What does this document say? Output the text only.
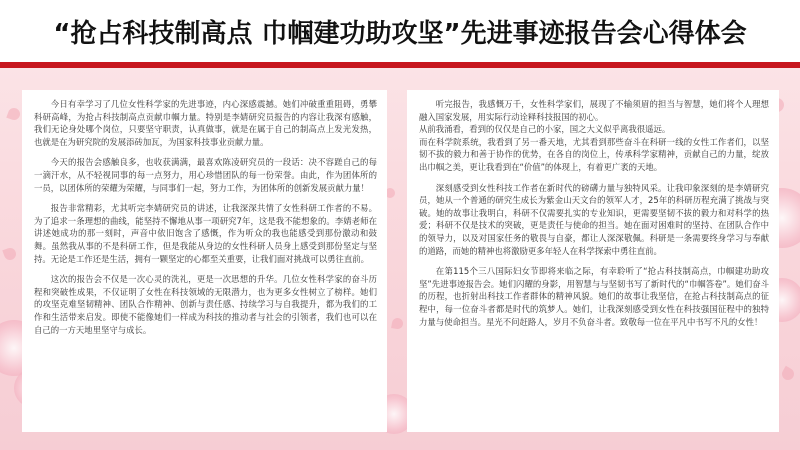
“抢占科技制高点 巾帼建功助攻坚”先进事迹报告会心得体会

今日有幸学习了几位女性科学家的先进事迹，内心深感震撼。她们冲破重重阻碍，勇攀科研高峰，为抢占科技制高点贡献巾帼力量。特别是李婧研究员报告的内容让我深有感触，我们无论身处哪个岗位，只要坚守职责，认真做事，就是在属于自己的制高点上发光发热，也就是在为研究院的发展添砖加瓦，为国家科技事业贡献力量。

今天的报告会感触良多，也收获满满，最喜欢陈凌研究员的一段话：决不容蹉自己的每一滴汗水，从不轻视同事的每一点努力，用心珍惜团队的每一份荣誉。由此，作为团体所的一员，以团体所的荣耀为荣耀，与同事们一起，努力工作，为团体所的创新发展贡献力量！

报告非常精彩，尤其听完李婧研究员的讲述，让我深深共情了女性科研工作者的不易。为了追求一条理想的曲线，能坚持不懈地从事一项研究7年，这是我不能想象的。李婧老师在讲述她成功的那一刻时，声音中依旧饱含了感慨，作为听众的我也能感受到那份激动和鼓舞。虽然我从事的不是科研工作，但是我能从身边的女性科研人员身上感受到那份坚定与坚持。无论是工作还是生活，拥有一颗坚定的心都至关重要，让我们面对挑战可以勇往直前。

这次的报告会不仅是一次心灵的洗礼，更是一次思想的升华。几位女性科学家的奋斗历程和突破性成果，不仅证明了女性在科技领域的无限潜力，也为更多女性树立了榜样。她们的攻坚克难坚韧精神、团队合作精神、创新与责任感、持续学习与自我提升，都为我们的工作和生活带来启发。即使不能像她们一样成为科技的推动者与社会的引领者，我们也可以在自己的一方天地里坚守与成长。

听完报告，我感慨万千，女性科学家们，展现了不输须眉的担当与智慧，她们将个人理想融入国家发展，用实际行动诠释科技报国的初心。
从前我涌看，看到的仅仅是自己的小家，国之大义似乎离我很遥远。
而在科学院系统，我看到了另一番天地，尤其看到那些奋斗在科研一线的女性工作者们，以坚韧不拔的毅力和善于协作的优势，在各自的岗位上，传承科学家精神，贡献自己的力量，绽放出巾帼之美，更让我看到在“价值”的体现上，有着更广袤的天地。

深刻感受到女性科技工作者在新时代的磅礴力量与独特风采。让我印象深刻的是李婧研究员，她从一个普通的研究生成长为紫金山天文台的领军人才，25年的科研历程充满了挑战与突破。她的故事让我明白，科研不仅需要扎实的专业知识，更需要坚韧不拔的毅力和对科学的热爱；科研不仅是技术的突破，更是责任与使命的担当。她在面对困难时的坚持、在团队合作中的领导力，以及对国家任务的敬畏与自豪，都让人深深敬佩。科研是一条需要终身学习与奉献的道路，而她的精神也将激励更多年轻人在科学探索中勇往直前。

在第115个三八国际妇女节即将来临之际，有幸聆听了“抢占科技制高点，巾帼建功助攻坚”先进事迹报告会。她们闪耀的身影，用智慧与与坚韧书写了新时代的“巾帼答卷”。她们奋斗的历程，也折射出科技工作者群体的精神风貌。她们的故事让我坚信，在抢占科技制高点的征程中，每一位奋斗者都是时代的筑梦人。她们，让我深刻感受到女性在科技强国征程中的独特力量与使命担当。星光不问赶路人，岁月不负奋斗者。致敬每一位在平凡中书写不凡的女性！
